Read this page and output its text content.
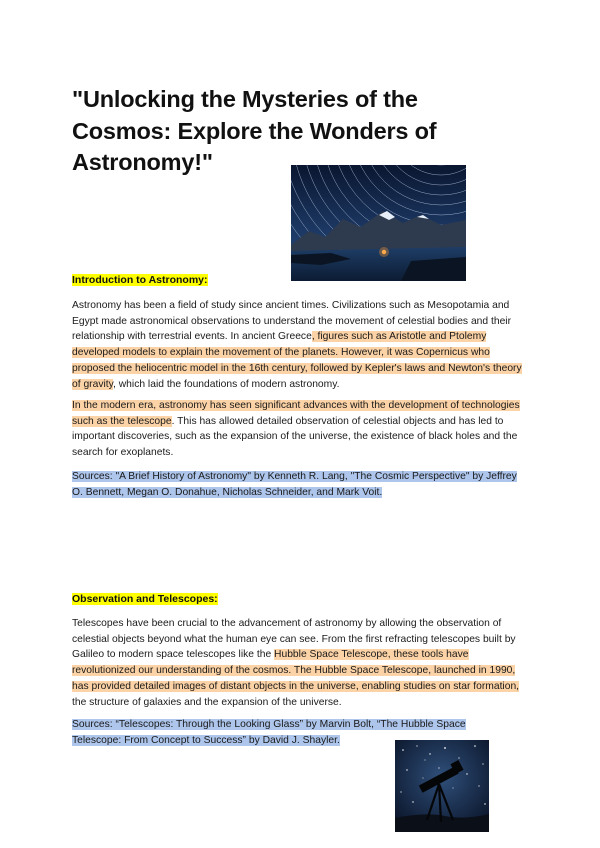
"Unlocking the Mysteries of the Cosmos: Explore the Wonders of Astronomy!"

Introduction to Astronomy:

Astronomy has been a field of study since ancient times. Civilizations such as Mesopotamia and Egypt made astronomical observations to understand the movement of celestial bodies and their relationship with terrestrial events. In ancient Greece, figures such as Aristotle and Ptolemy developed models to explain the movement of the planets. However, it was Copernicus who proposed the heliocentric model in the 16th century, followed by Kepler's laws and Newton's theory of gravity, which laid the foundations of modern astronomy.

In the modern era, astronomy has seen significant advances with the development of technologies such as the telescope. This has allowed detailed observation of celestial objects and has led to important discoveries, such as the expansion of the universe, the existence of black holes and the search for exoplanets.

Sources: "A Brief History of Astronomy" by Kenneth R. Lang, "The Cosmic Perspective" by Jeffrey O. Bennett, Megan O. Donahue, Nicholas Schneider, and Mark Voit.

Observation and Telescopes:

Telescopes have been crucial to the advancement of astronomy by allowing the observation of celestial objects beyond what the human eye can see. From the first refracting telescopes built by Galileo to modern space telescopes like the Hubble Space Telescope, these tools have revolutionized our understanding of the cosmos. The Hubble Space Telescope, launched in 1990, has provided detailed images of distant objects in the universe, enabling studies on star formation, the structure of galaxies and the expansion of the universe.

Sources: “Telescopes: Through the Looking Glass” by Marvin Bolt, “The Hubble Space Telescope: From Concept to Success” by David J. Shayler.
